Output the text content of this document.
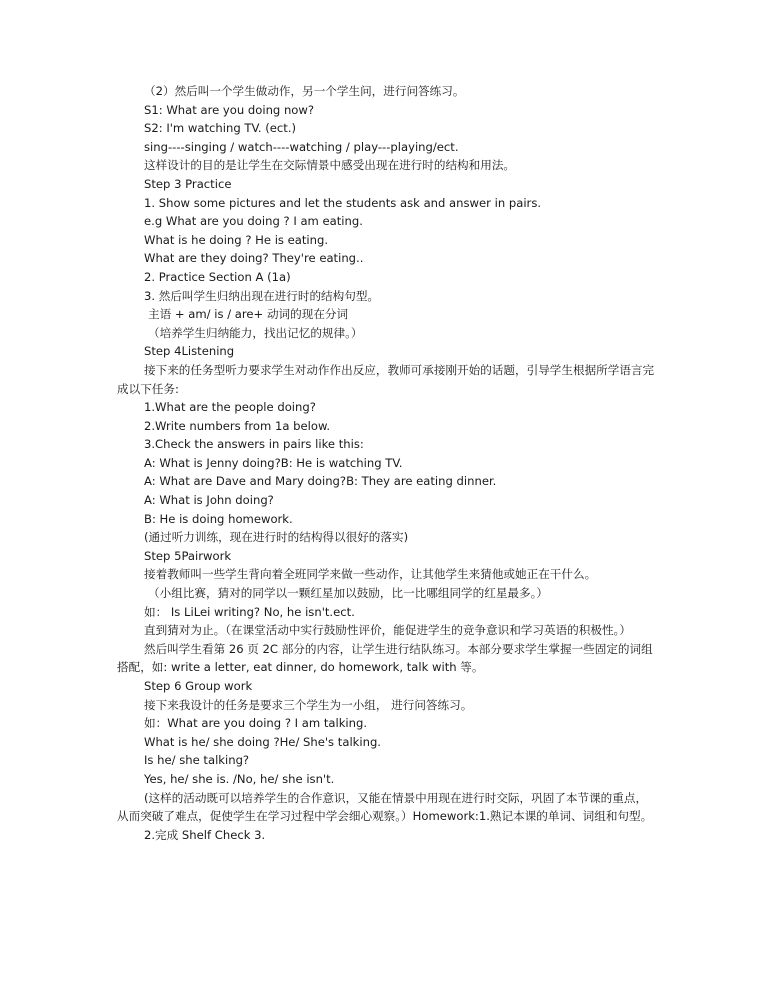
（2）然后叫一个学生做动作，另一个学生问，进行问答练习。

S1: What are you doing now?

S2: I'm watching TV. (ect.)

sing----singing / watch----watching / play---playing/ect.

这样设计的目的是让学生在交际情景中感受出现在进行时的结构和用法。

Step 3 Practice

1. Show some pictures and let the students ask and answer in pairs.

e.g What are you doing ? I am eating.

What is he doing ? He is eating.

What are they doing? They're eating..

2. Practice Section A (1a)

3. 然后叫学生归纳出现在进行时的结构句型。

主语 + am/ is / are+ 动词的现在分词

（培养学生归纳能力，找出记忆的规律。）

Step 4Listening

接下来的任务型听力要求学生对动作作出反应，教师可承接刚开始的话题，引导学生根据所学语言完成以下任务:

1.What are the people doing?

2.Write numbers from 1a below.

3.Check the answers in pairs like this:

A: What is Jenny doing?B: He is watching TV.

A: What are Dave and Mary doing?B: They are eating dinner.

A: What is John doing?

B: He is doing homework.

(通过听力训练，现在进行时的结构得以很好的落实)

Step 5Pairwork

接着教师叫一些学生背向着全班同学来做一些动作，让其他学生来猜他或她正在干什么。

（小组比赛，猜对的同学以一颗红星加以鼓励，比一比哪组同学的红星最多。）

如： Is LiLei writing? No, he isn't.ect.

直到猜对为止。（在课堂活动中实行鼓励性评价，能促进学生的竞争意识和学习英语的积极性。）

然后叫学生看第 26 页 2C 部分的内容，让学生进行结队练习。本部分要求学生掌握一些固定的词组搭配，如: write a letter, eat dinner, do homework, talk with 等。

Step 6 Group work

接下来我设计的任务是要求三个学生为一小组， 进行问答练习。

如：What are you doing ? I am talking.

What is he/ she doing ?He/ She's talking.

Is he/ she talking?

Yes, he/ she is. /No, he/ she isn't.

(这样的活动既可以培养学生的合作意识，又能在情景中用现在进行时交际，巩固了本节课的重点，从而突破了难点，促使学生在学习过程中学会细心观察。）Homework:1.熟记本课的单词、词组和句型。

2.完成 Shelf Check 3.
